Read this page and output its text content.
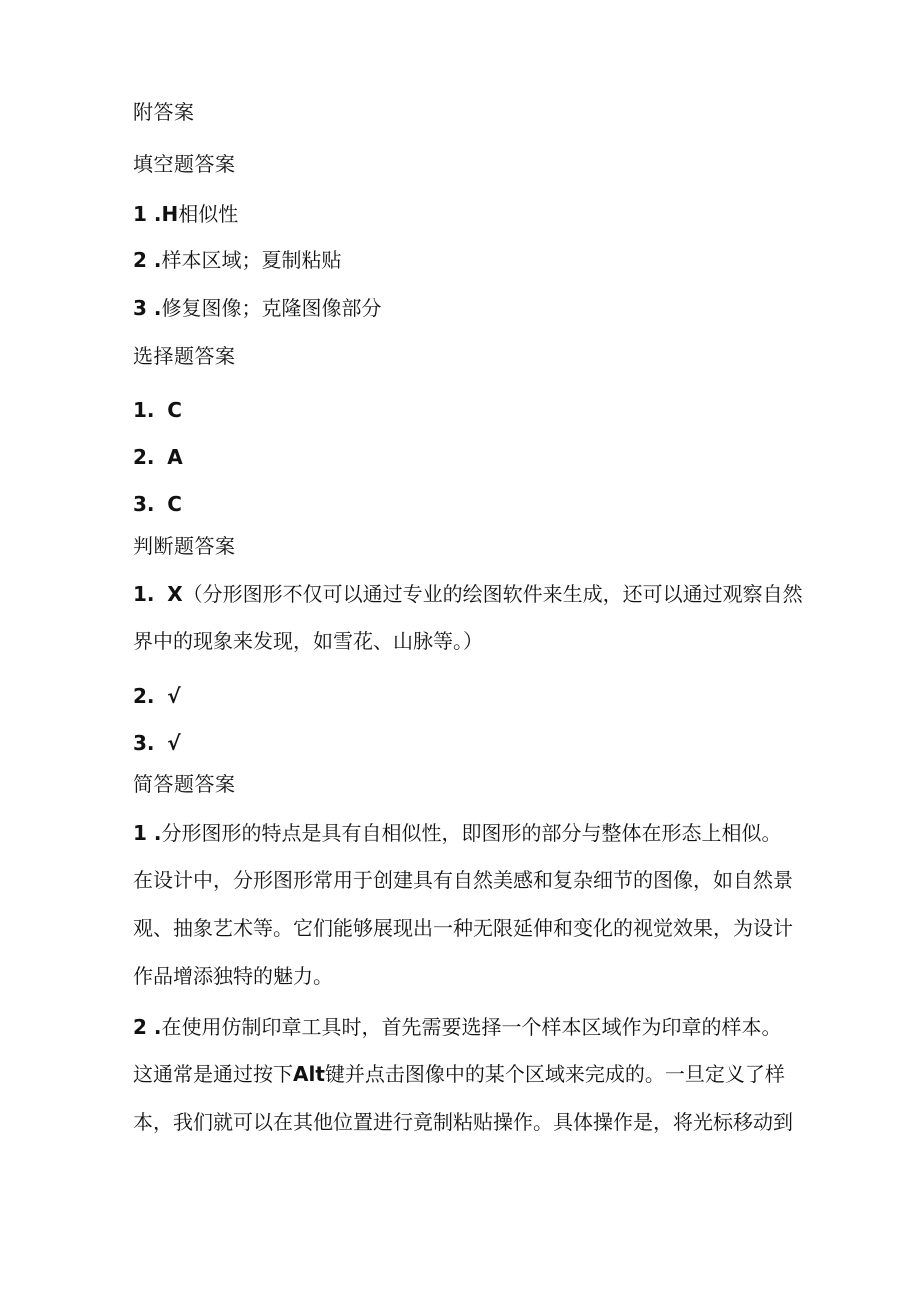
附答案
填空题答案
1 .H相似性
2 .样本区域；夏制粘贴
3 .修复图像；克隆图像部分
选择题答案
1. C
2. A
3. C
判断题答案
1. X（分形图形不仅可以通过专业的绘图软件来生成，还可以通过观察自然
界中的现象来发现，如雪花、山脉等。）
2. √
3. √
简答题答案
1 .分形图形的特点是具有自相似性，即图形的部分与整体在形态上相似。
在设计中，分形图形常用于创建具有自然美感和复杂细节的图像，如自然景
观、抽象艺术等。它们能够展现出一种无限延伸和变化的视觉效果，为设计
作品增添独特的魅力。
2 .在使用仿制印章工具时，首先需要选择一个样本区域作为印章的样本。
这通常是通过按下Alt键并点击图像中的某个区域来完成的。一旦定义了样
本，我们就可以在其他位置进行竟制粘贴操作。具体操作是，将光标移动到
